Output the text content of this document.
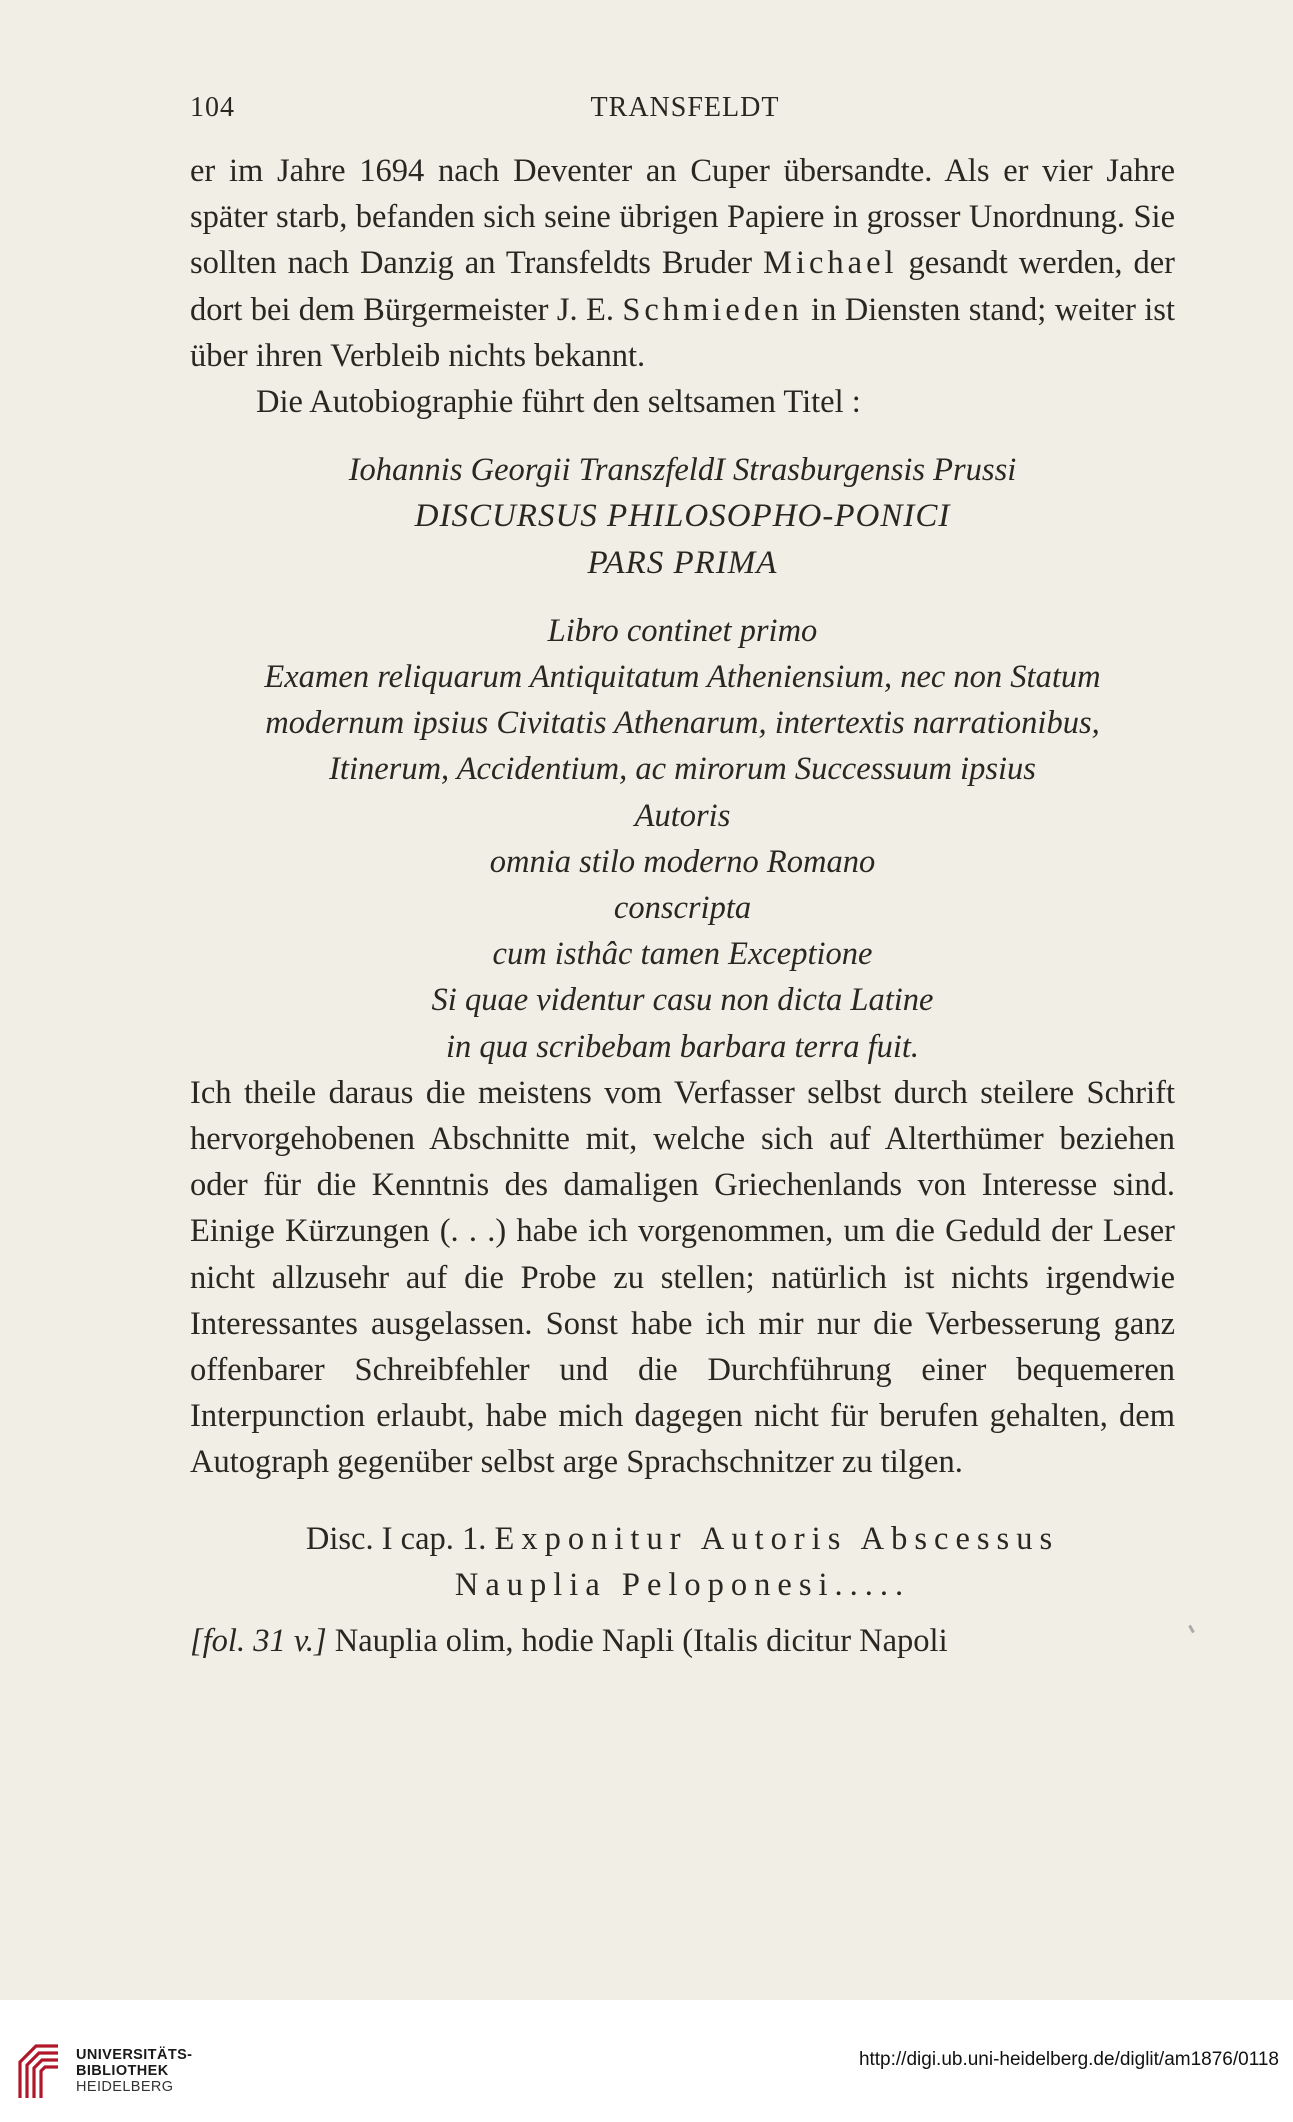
104	TRANSFELDT

er im Jahre 1694 nach Deventer an Cuper übersandte. Als er vier Jahre später starb, befanden sich seine übrigen Papiere in grosser Unordnung. Sie sollten nach Danzig an Transfeldts Bruder Michael gesandt werden, der dort bei dem Bürgermeister J. E. Schmieden in Diensten stand; weiter ist über ihren Verbleib nichts bekannt.

Die Autobiographie führt den seltsamen Titel :

Iohannis Georgii TranszfeldI Strasburgensis Prussi

DISCURSUS PHILOSOPHO-PONICI

PARS PRIMA

Libro continet primo

Examen reliquarum Antiquitatum Atheniensium, nec non Statum

modernum ipsius Civitatis Athenarum, intertextis narrationibus,

Itinerum, Accidentium, ac mirorum Successuum ipsius

Autoris

omnia stilo moderno Romano

conscripta

cum isthâc tamen Exceptione

Si quae videntur casu non dicta Latine

in qua scribebam barbara terra fuit.

Ich theile daraus die meistens vom Verfasser selbst durch steilere Schrift hervorgehobenen Abschnitte mit, welche sich auf Alterthümer beziehen oder für die Kenntnis des damaligen Griechenlands von Interesse sind. Einige Kürzungen (. . .) habe ich vorgenommen, um die Geduld der Leser nicht allzusehr auf die Probe zu stellen; natürlich ist nichts irgendwie Interessantes ausgelassen. Sonst habe ich mir nur die Verbesserung ganz offenbarer Schreibfehler und die Durchführung einer bequemeren Interpunction erlaubt, habe mich dagegen nicht für berufen gehalten, dem Autograph gegenüber selbst arge Sprachschnitzer zu tilgen.

Disc. I cap. 1. Exponitur Autoris Abscessus

Nauplia Peloponesi.....

[fol. 31 v.] Nauplia olim, hodie Napli (Italis dicitur Napoli

UNIVERSITÄTS-
BIBLIOTHEK
HEIDELBERG
http://digi.ub.uni-heidelberg.de/diglit/am1876/0118
